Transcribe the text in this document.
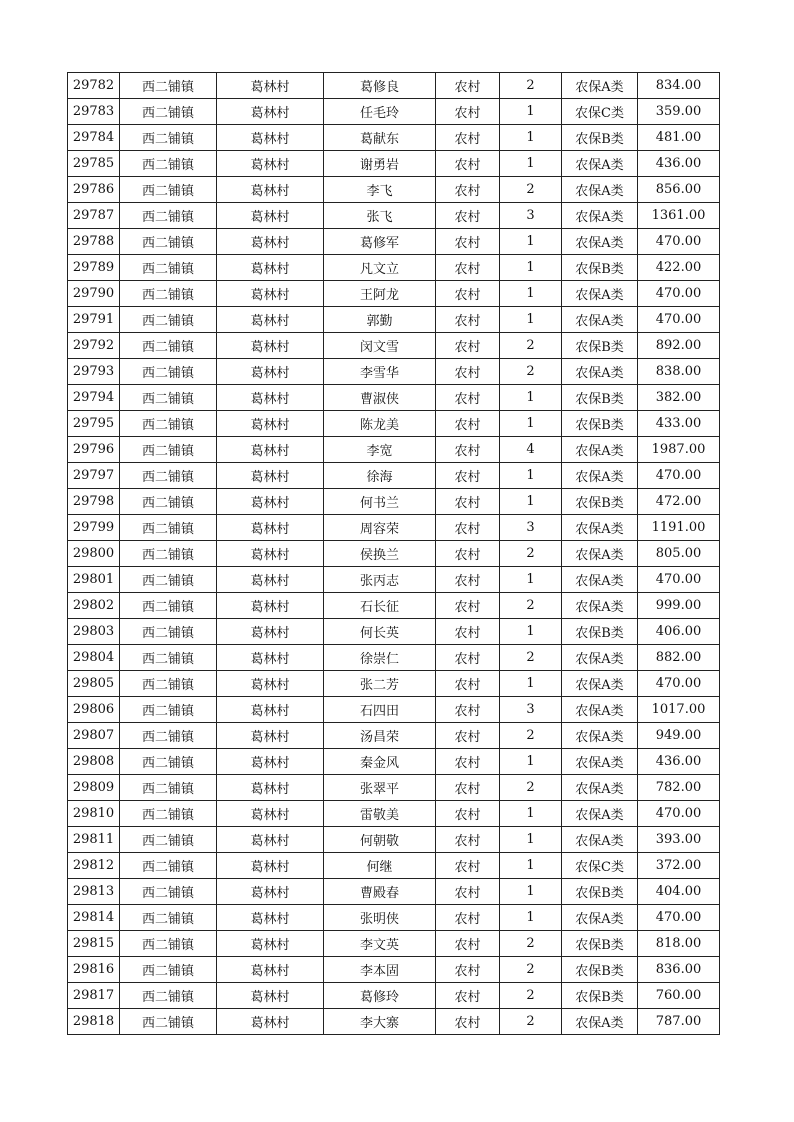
29782	西二铺镇	葛林村	葛修良	农村	2	农保A类	834.00
29783	西二铺镇	葛林村	任毛玲	农村	1	农保C类	359.00
29784	西二铺镇	葛林村	葛献东	农村	1	农保B类	481.00
29785	西二铺镇	葛林村	谢勇岩	农村	1	农保A类	436.00
29786	西二铺镇	葛林村	李飞	农村	2	农保A类	856.00
29787	西二铺镇	葛林村	张飞	农村	3	农保A类	1361.00
29788	西二铺镇	葛林村	葛修军	农村	1	农保A类	470.00
29789	西二铺镇	葛林村	凡文立	农村	1	农保B类	422.00
29790	西二铺镇	葛林村	王阿龙	农村	1	农保A类	470.00
29791	西二铺镇	葛林村	郭勤	农村	1	农保A类	470.00
29792	西二铺镇	葛林村	闵文雪	农村	2	农保B类	892.00
29793	西二铺镇	葛林村	李雪华	农村	2	农保A类	838.00
29794	西二铺镇	葛林村	曹淑侠	农村	1	农保B类	382.00
29795	西二铺镇	葛林村	陈龙美	农村	1	农保B类	433.00
29796	西二铺镇	葛林村	李宽	农村	4	农保A类	1987.00
29797	西二铺镇	葛林村	徐海	农村	1	农保A类	470.00
29798	西二铺镇	葛林村	何书兰	农村	1	农保B类	472.00
29799	西二铺镇	葛林村	周容荣	农村	3	农保A类	1191.00
29800	西二铺镇	葛林村	侯换兰	农村	2	农保A类	805.00
29801	西二铺镇	葛林村	张丙志	农村	1	农保A类	470.00
29802	西二铺镇	葛林村	石长征	农村	2	农保A类	999.00
29803	西二铺镇	葛林村	何长英	农村	1	农保B类	406.00
29804	西二铺镇	葛林村	徐崇仁	农村	2	农保A类	882.00
29805	西二铺镇	葛林村	张二芳	农村	1	农保A类	470.00
29806	西二铺镇	葛林村	石四田	农村	3	农保A类	1017.00
29807	西二铺镇	葛林村	汤昌荣	农村	2	农保A类	949.00
29808	西二铺镇	葛林村	秦金风	农村	1	农保A类	436.00
29809	西二铺镇	葛林村	张翠平	农村	2	农保A类	782.00
29810	西二铺镇	葛林村	雷敬美	农村	1	农保A类	470.00
29811	西二铺镇	葛林村	何朝敬	农村	1	农保A类	393.00
29812	西二铺镇	葛林村	何继	农村	1	农保C类	372.00
29813	西二铺镇	葛林村	曹殿春	农村	1	农保B类	404.00
29814	西二铺镇	葛林村	张明侠	农村	1	农保A类	470.00
29815	西二铺镇	葛林村	李文英	农村	2	农保B类	818.00
29816	西二铺镇	葛林村	李本固	农村	2	农保B类	836.00
29817	西二铺镇	葛林村	葛修玲	农村	2	农保B类	760.00
29818	西二铺镇	葛林村	李大寨	农村	2	农保A类	787.00
